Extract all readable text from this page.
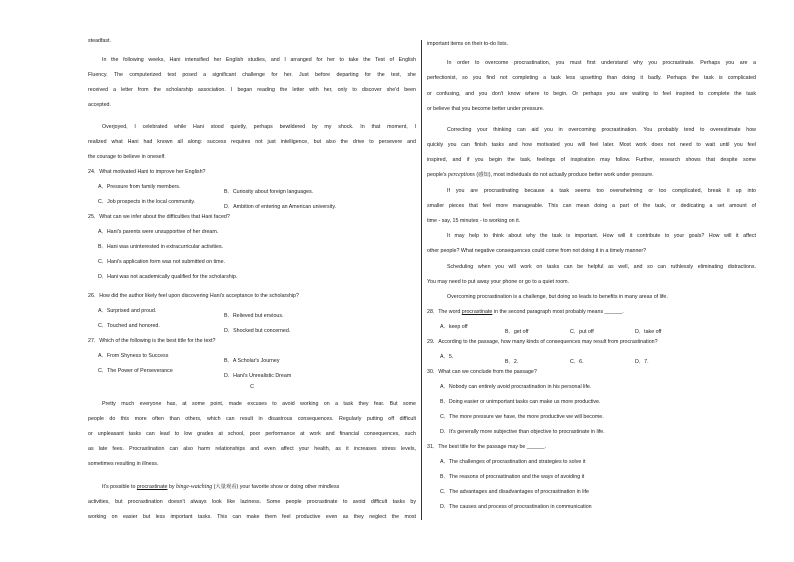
steadfast.

In the following weeks, Hani intensified her English studies, and I arranged for her to take the Test of English

Fluency. The computerized test posed a significant challenge for her. Just before departing for the test, she

received a letter from the scholarship association. I began reading the letter with her, only to discover she'd been

accepted.

Overjoyed, I celebrated while Hani stood quietly, perhaps bewildered by my shock. In that moment, I

realized what Hani had known all along: success requires not just intelligence, but also the drive to persevere and

the courage to believe in oneself.

24．What motivated Hani to improve her English?

A．Pressure from family members.

B．Curiosity about foreign languages.

C．Job prospects in the local community.

D．Ambition of entering an American university.

25．What can we infer about the difficulties that Hani faced?

A．Hani's parents were unsupportive of her dream.

B．Hani was uninterested in extracurricular activities.

C．Hani's application form was not submitted on time.

D．Hani was not academically qualified for the scholarship.

26．How did the author likely feel upon discovering Hani's acceptance to the scholarship?

A．Surprised and proud.

B．Relieved but envious.

C．Touched and honored.

D．Shocked but concerned.

27．Which of the following is the best title for the text?

A．From Shyness to Success

B．A Scholar's Journey

C．The Power of Perseverance

D．Hani's Unrealistic Dream

C

Pretty much everyone has, at some point, made excuses to avoid working on a task they fear. But some

people do this more often than others, which can result in disastrous consequences. Regularly putting off difficult

or unpleasant tasks can lead to low grades at school, poor performance at work and financial consequences, such

as late fees. Procrastination can also harm relationships and even affect your health, as it increases stress levels,

sometimes resulting in illness.

It's possible to procrastinate by binge-watching (大量观看) your favorite show or doing other mindless

activities, but procrastination doesn't always look like laziness. Some people procrastinate to avoid difficult tasks by

working on easier but less important tasks. This can make them feel productive even as they neglect the most

important items on their to-do lists.

In order to overcome procrastination, you must first understand why you procrastinate. Perhaps you are a

perfectionist, so you find not completing a task less upsetting than doing it badly. Perhaps the task is complicated

or confusing, and you don't know where to begin. Or perhaps you are waiting to feel inspired to complete the task

or believe that you become better under pressure.

Correcting your thinking can aid you in overcoming procrastination. You probably tend to overestimate how

quickly you can finish tasks and how motivated you will feel later. Most work does not need to wait until you feel

inspired, and if you begin the task, feelings of inspiration may follow. Further, research shows that despite some

people's perceptions (感知), most individuals do not actually produce better work under pressure.

If you are procrastinating because a task seems too overwhelming or too complicated, break it up into

smaller pieces that feel more manageable. This can mean doing a part of the task, or dedicating a set amount of

time - say, 15 minutes - to working on it.

It may help to think about why the task is important. How will it contribute to your goals? How will it affect

other people? What negative consequences could come from not doing it in a timely manner?

Scheduling when you will work on tasks can be helpful as well, and so can ruthlessly eliminating distractions.

You may need to put away your phone or go to a quiet room.

Overcoming procrastination is a challenge, but doing so leads to benefits in many areas of life.

28．The word procrastinate in the second paragraph most probably means ______.

A．keep off

B．get off	C．put off	D．take off

29．According to the passage, how many kinds of consequences may result from procrastination?

A．5.

B．2.	C．6.	D．7.

30．What can we conclude from the passage?

A．Nobody can entirely avoid procrastination in his personal life.

B．Doing easier or unimportant tasks can make us more productive.

C．The more pressure we have, the more productive we will become.

D．It's generally more subjective than objective to procrastinate in life.

31．The best title for the passage may be ______.

A．The challenges of procrastination and strategies to solve it

B．The reasons of procrastination and the ways of avoiding it

C．The advantages and disadvantages of procrastination in life

D．The causes and process of procrastination in communication
